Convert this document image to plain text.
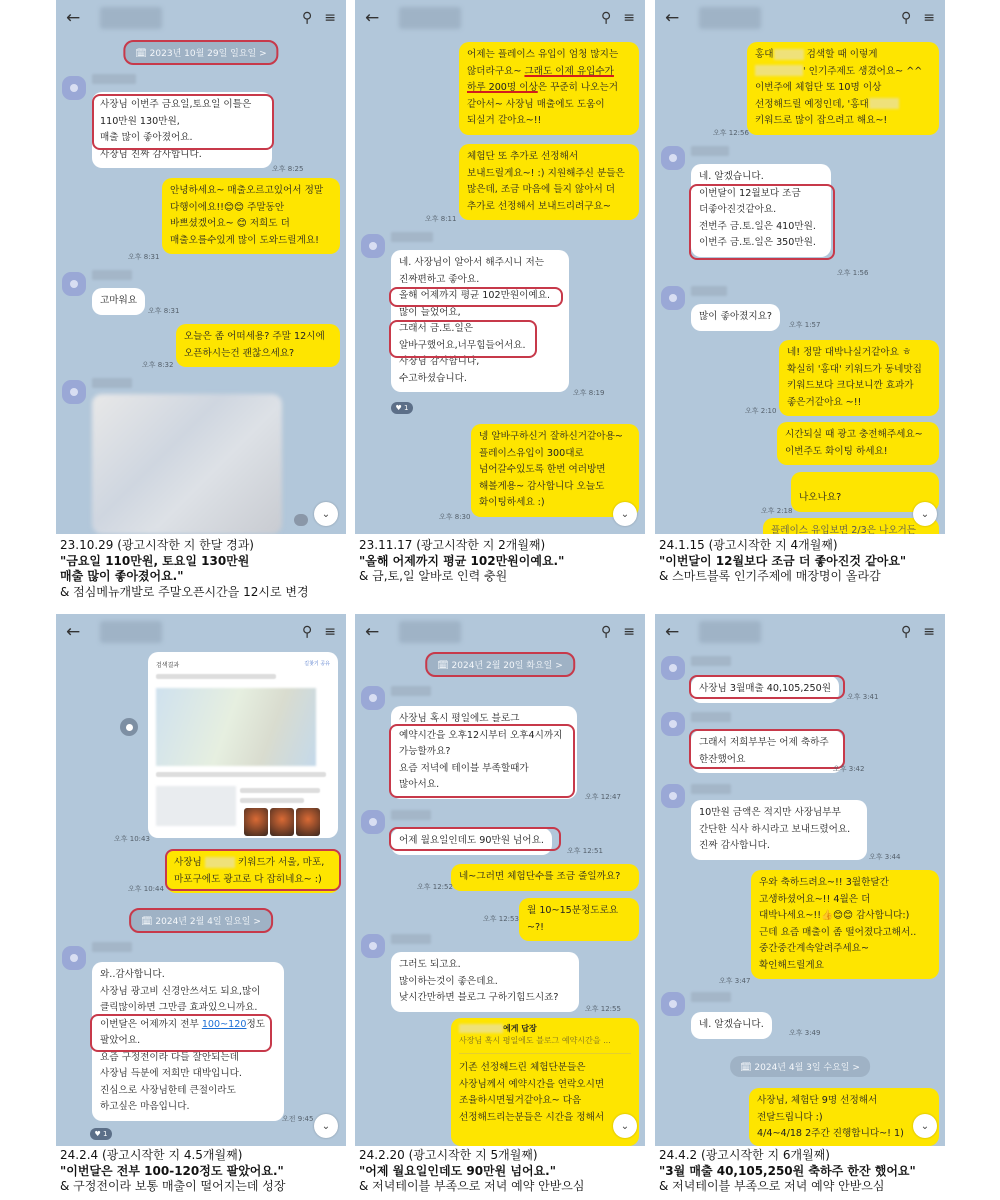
←	⚲ ≡
🗓 2023년 10월 29일 일요일 >
사장님 이번주 금요일,토요일 이틀은
110만원 130만원,
매출 많이 좋아졌어요.
사장님 진짜 감사합니다.
오후 8:25
안녕하세요~ 매출오르고있어서 정말
다행이에요!!😊😊 주말동안
바쁘셨겠어요~ 😊 저희도 더
매출오를수있게 많이 도와드릴게요!
오후 8:31
고마워요
오후 8:31
오늘은 좀 어떠세용? 주말 12시에
오픈하시는건 괜찮으세요?
오후 8:32
⌄
23.10.29 (광고시작한 지 한달 경과)
"금요일 110만원, 토요일 130만원
매출 많이 좋아졌어요."
& 점심메뉴개발로 주말오픈시간을 12시로 변경
←	⚲ ≡
어제는 플레이스 유입이 엄청 많지는
않더라구요~ 그래도 이제 유입수가
하루 200명 이상은 꾸준히 나오는거
같아서~ 사장님 매출에도 도움이
되실거 같아요~!!
체험단 또 추가로 선정해서
보내드릴게요~! :) 지원해주신 분들은
많은데, 조금 마음에 들지 않아서 더
추가로 선정해서 보내드리려구요~
오후 8:11
네. 사장님이 알아서 해주시니 저는
진짜편하고 좋아요.
올해 어제까지 평균 102만원이예요.
많이 늘었어요,
그래서 금.토.일은
알바구했어요,너무힘들어서요.
사장님 감사합니다,
수고하셨습니다.
오후 8:19
♥ 1
넹 알바구하신거 잘하신거같아용~
플레이스유입이 300대로
넘어갈수있도록 한번 여러방면
해볼게용~ 감사합니다 오늘도
화이팅하세요 :)
오후 8:30	⌄
23.11.17 (광고시작한 지 2개월째)
"올해 어제까지 평균 102만원이예요."
& 금,토,일 알바로 인력 충원
←	⚲ ≡
홍대	검색할 때 이렇게
' 인기주제도 생겼어요~ ^^
이번주에 체험단 또 10명 이상
선정해드릴 예정인데, '홍대
키워드로 많이 잡으려고 해요~!
오후 12:56
네. 알겠습니다.
이번달이 12월보다 조금
더좋아진것같아요.
전번주 금.토.일은 410만원.
이번주 금.토.일은 350만원.
오후 1:56
많이 좋아졌지요?
오후 1:57
네! 정말 대박나실거같아요 ㅎ
확실히 '홍대' 키워드가 동네맛집
키워드보다 크다보니깐 효과가
좋은거같아요 ~!!
오후 2:10
시간되실 때 광고 충전해주세요~
이번주도 화이팅 하세요!
나오나요?
오후 2:18
플레이스 유입보면 2/3은 나오거든
⌄
24.1.15 (광고시작한 지 4개월째)
"이번달이 12월보다 조금 더 좋아진것 같아요"
& 스마트블록 인기주제에 매장명이 올라감
←	⚲ ≡
검색결과	길찾기 공유
오후 10:43
사장님	키워드가 서울, 마포,
마포구에도 광고로 다 잡히네요~ :)
오후 10:44
🗓 2024년 2월 4일 일요일 >
와..감사합니다.
사장님 광고비 신경안쓰셔도 되요,많이
클릭많이하면 그만큼 효과있으니까요.
이번달은 어제까지 전부 100~120정도
팔았어요.
요즘 구정전이라 다들 잘안되는데
사장님 득분에 저희만 대박입니다.
진심으로 사장님한테 큰절이라도
하고싶은 마음입니다.
오전 9:45
♥ 1
⌄
24.2.4 (광고시작한 지 4.5개월째)
"이번달은 전부 100-120정도 팔았어요."
& 구정전이라 보통 매출이 떨어지는데 성장
←	⚲ ≡
🗓 2024년 2월 20일 화요일 >
사장님 혹시 평일에도 블로그
예약시간을 오후12시부터 오후4시까지
가능할까요?
요즘 저녁에 테이블 부족할때가
많아서요.
오후 12:47
어제 월요일인데도 90만원 넘어요.
오후 12:51
네~그러면 체험단수를 조금 줄일까요?
오후 12:52
월 10~15분정도로요~?!
오후 12:53
그러도 되고요.
많이하는것이 좋은데요.
낮시간만하면 블로그 구하기힘드시죠?
오후 12:55
에게 답장
사장님 혹시 평일에도 블로그 예약시간을 ...
기존 선정해드린 체험단분들은
사장님께서 예약시간을 연락오시면
조율하시면될거같아요~ 다음
선정해드리는분들은 시간을 정해서
⌄
24.2.20 (광고시작한 지 5개월째)
"어제 월요일인데도 90만원 넘어요."
& 저녁테이블 부족으로 저녁 예약 안받으심
←	⚲ ≡
사장님 3월매출 40,105,250원
오후 3:41
그래서 저희부부는 어제 축하주
한잔했어요
오후 3:42
10만원 금액은 적지만 사장님부부
간단한 식사 하시라고 보내드렸어요.
진짜 감사합니다.
오후 3:44
우와 축하드려요~!! 3월한달간
고생하셨어요~!! 4월은 더
대박나세요~!!👍😊😊 감사합니다:)
근데 요즘 매출이 좀 떨어졌다고해서..
중간중간계속알려주세요~
확인해드릴게요
오후 3:47
네. 알겠습니다.
오후 3:49
🗓 2024년 4월 3일 수요일 >
사장님, 체험단 9명 선정해서
전달드립니다 :)
4/4~4/18 2주간 진행합니다~! 1)
⌄
24.4.2 (광고시작한 지 6개월째)
"3월 매출 40,105,250원 축하주 한잔 했어요"
& 저녁테이블 부족으로 저녁 예약 안받으심
